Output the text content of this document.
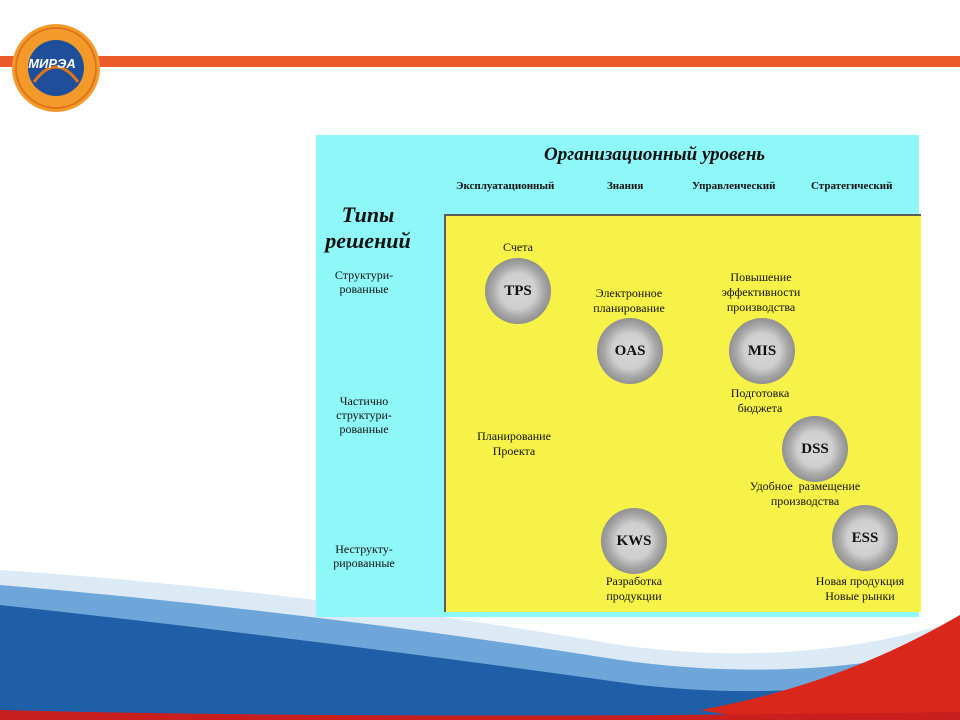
МИРЭА
Организационный уровень
Эксплуатационный	Знания	Управленческий	Стратегический
Типы
решений
Структури-
рованные
Частично
структури-
рованные
Неструкту-
рированные
Счета
TPS	Электронное
планирование
OAS
Повышение
эффективности
производства
MIS
Подготовка
бюджета
DSS
Удобное  размещение
производства
Планирование
Проекта
KWS
Разработка
продукции
ESS
Новая продукция
Новые рынки
